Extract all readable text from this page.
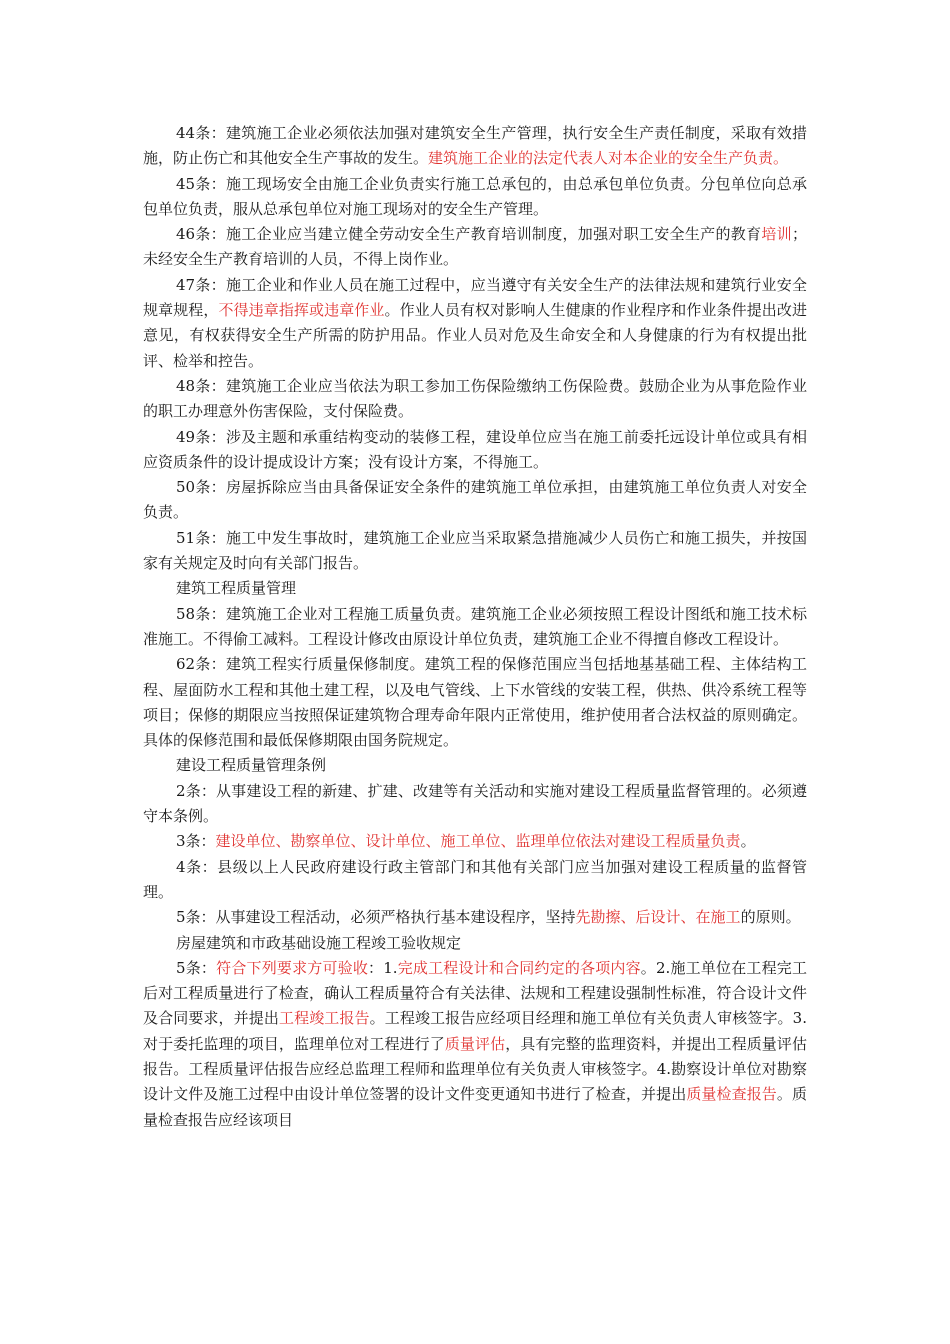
44条：建筑施工企业必须依法加强对建筑安全生产管理，执行安全生产责任制度，采取有效措施，防止伤亡和其他安全生产事故的发生。建筑施工企业的法定代表人对本企业的安全生产负责。

45条：施工现场安全由施工企业负责实行施工总承包的，由总承包单位负责。分包单位向总承包单位负责，服从总承包单位对施工现场对的安全生产管理。

46条：施工企业应当建立健全劳动安全生产教育培训制度，加强对职工安全生产的教育培训；未经安全生产教育培训的人员，不得上岗作业。

47条：施工企业和作业人员在施工过程中，应当遵守有关安全生产的法律法规和建筑行业安全规章规程，不得违章指挥或违章作业。作业人员有权对影响人生健康的作业程序和作业条件提出改进意见，有权获得安全生产所需的防护用品。作业人员对危及生命安全和人身健康的行为有权提出批评、检举和控告。

48条：建筑施工企业应当依法为职工参加工伤保险缴纳工伤保险费。鼓励企业为从事危险作业的职工办理意外伤害保险，支付保险费。

49条：涉及主题和承重结构变动的装修工程，建设单位应当在施工前委托远设计单位或具有相应资质条件的设计提成设计方案；没有设计方案，不得施工。

50条：房屋拆除应当由具备保证安全条件的建筑施工单位承担，由建筑施工单位负责人对安全负责。

51条：施工中发生事故时，建筑施工企业应当采取紧急措施减少人员伤亡和施工损失，并按国家有关规定及时向有关部门报告。

建筑工程质量管理

58条：建筑施工企业对工程施工质量负责。建筑施工企业必须按照工程设计图纸和施工技术标准施工。不得偷工减料。工程设计修改由原设计单位负责，建筑施工企业不得擅自修改工程设计。

62条：建筑工程实行质量保修制度。建筑工程的保修范围应当包括地基基础工程、主体结构工程、屋面防水工程和其他土建工程，以及电气管线、上下水管线的安装工程，供热、供冷系统工程等项目；保修的期限应当按照保证建筑物合理寿命年限内正常使用，维护使用者合法权益的原则确定。具体的保修范围和最低保修期限由国务院规定。

建设工程质量管理条例

2条：从事建设工程的新建、扩建、改建等有关活动和实施对建设工程质量监督管理的。必须遵守本条例。

3条：建设单位、勘察单位、设计单位、施工单位、监理单位依法对建设工程质量负责。

4条：县级以上人民政府建设行政主管部门和其他有关部门应当加强对建设工程质量的监督管理。

5条：从事建设工程活动，必须严格执行基本建设程序，坚持先勘擦、后设计、在施工的原则。

房屋建筑和市政基础设施工程竣工验收规定

5条：符合下列要求方可验收：1.完成工程设计和合同约定的各项内容。2.施工单位在工程完工后对工程质量进行了检查，确认工程质量符合有关法律、法规和工程建设强制性标准，符合设计文件及合同要求，并提出工程竣工报告。工程竣工报告应经项目经理和施工单位有关负责人审核签字。3.对于委托监理的项目，监理单位对工程进行了质量评估，具有完整的监理资料，并提出工程质量评估报告。工程质量评估报告应经总监理工程师和监理单位有关负责人审核签字。4.勘察设计单位对勘察设计文件及施工过程中由设计单位签署的设计文件变更通知书进行了检查，并提出质量检查报告。质量检查报告应经该项目
